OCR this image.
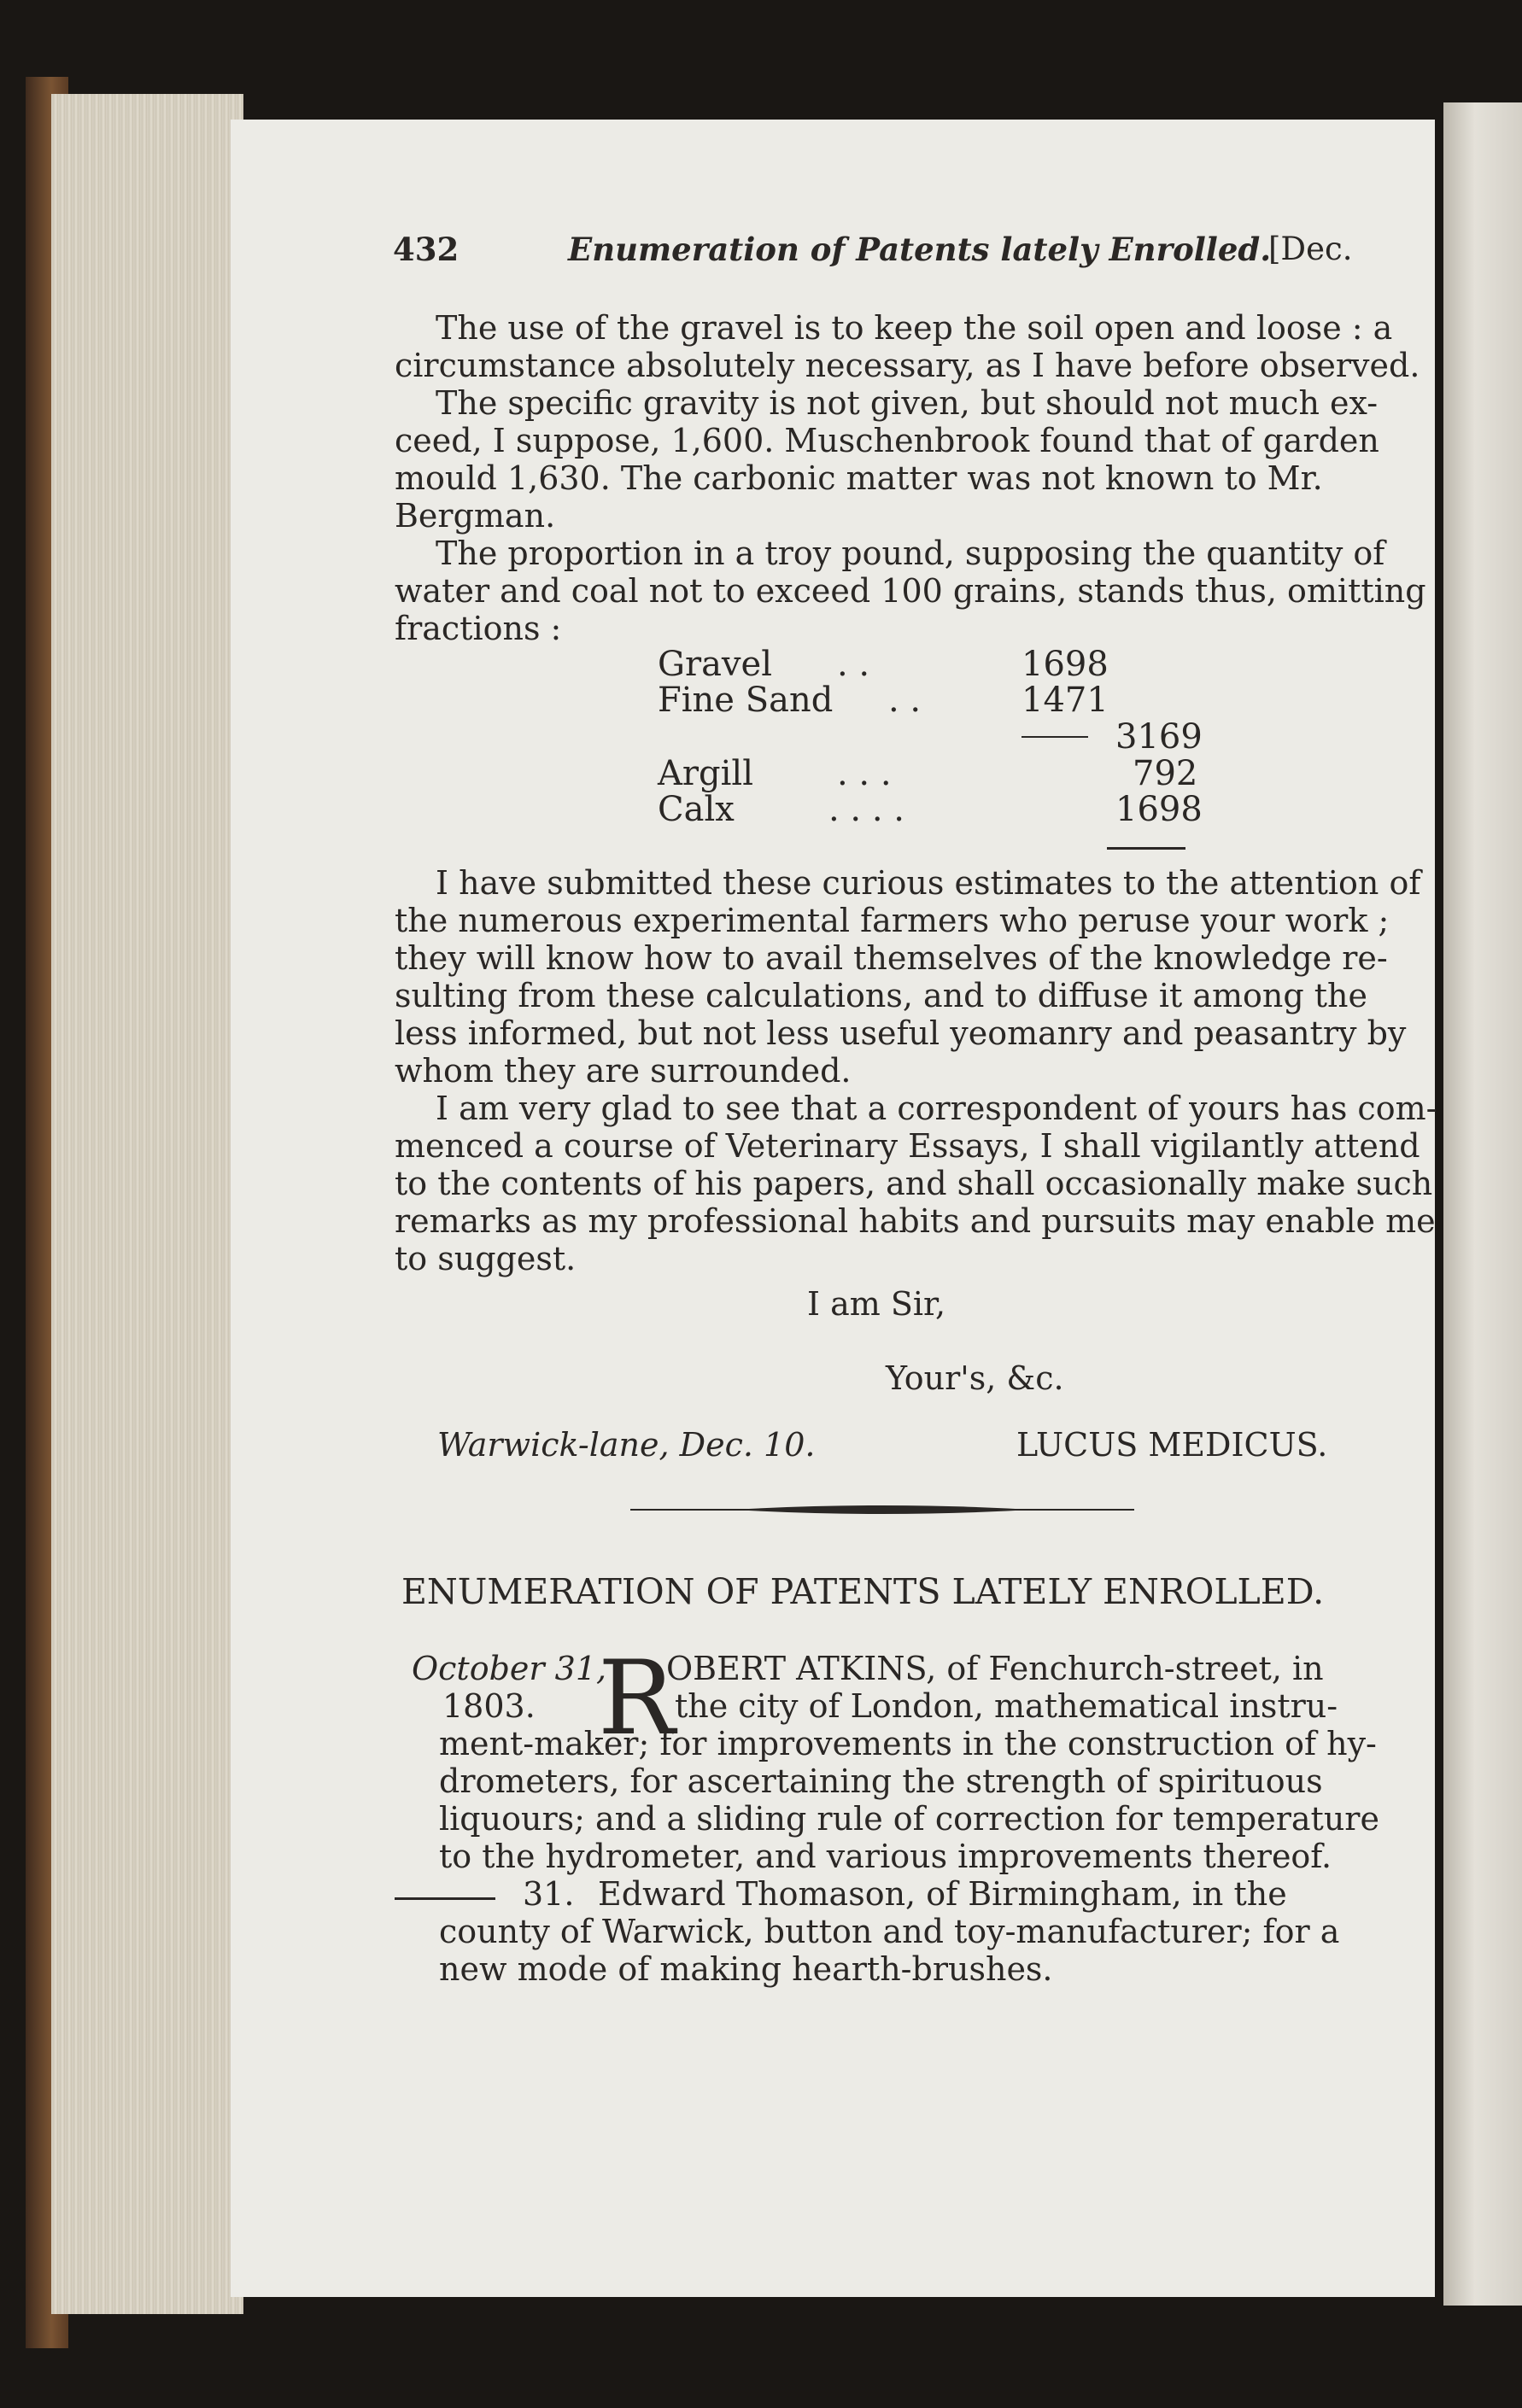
432	Enumeration of Patents lately Enrolled.
[Dec.
The use of the gravel is to keep the soil open and loose : a
circumstance absolutely necessary, as I have before observed.
The specific gravity is not given, but should not much ex-
ceed, I suppose, 1,600. Muschenbrook found that of garden
mould 1,630. The carbonic matter was not known to Mr.
Bergman.
The proportion in a troy pound, supposing the quantity of
water and coal not to exceed 100 grains, stands thus, omitting
fractions :
Gravel . .	1698
Fine Sand . .	1471
3169
Argill . . .	792
Calx	. . . .	1698
I have submitted these curious estimates to the attention of
the numerous experimental farmers who peruse your work ;
they will know how to avail themselves of the knowledge re-
sulting from these calculations, and to diffuse it among the
less informed, but not less useful yeomanry and peasantry by
whom they are surrounded.
I am very glad to see that a correspondent of yours has com-
menced a course of Veterinary Essays, I shall vigilantly attend
to the contents of his papers, and shall occasionally make such
remarks as my professional habits and pursuits may enable me
to suggest.
I am Sir,
Your's, &c.
Warwick-lane, Dec. 10.	LUCUS MEDICUS.
ENUMERATION OF PATENTS LATELY ENROLLED.
October 31,
1803. R
OBERT ATKINS, of Fenchurch-street, in
the city of London, mathematical instru-
ment-maker; for improvements in the construction of hy-
drometers, for ascertaining the strength of spirituous
liquours; and a sliding rule of correction for temperature
to the hydrometer, and various improvements thereof.
31. Edward Thomason, of Birmingham, in the
county of Warwick, button and toy-manufacturer; for a
new mode of making hearth-brushes.
